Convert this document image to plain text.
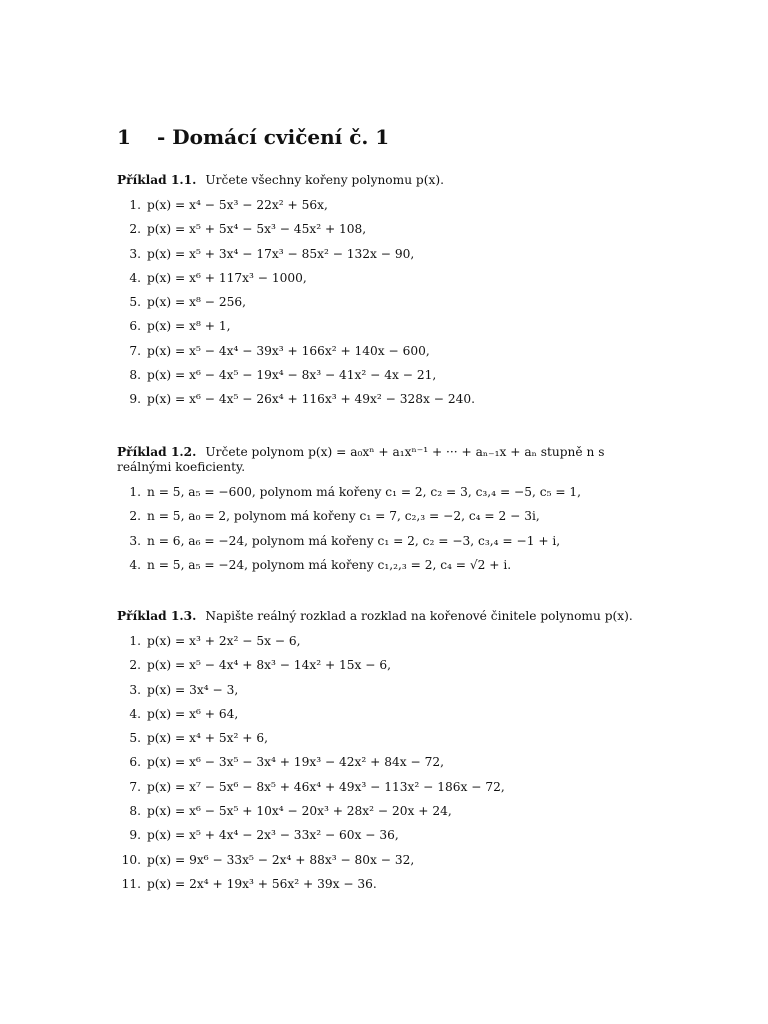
1 - Domácí cvičení č. 1
Příklad 1.1. Určete všechny kořeny polynomu p(x).
1. p(x) = x⁴ − 5x³ − 22x² + 56x,
2. p(x) = x⁵ + 5x⁴ − 5x³ − 45x² + 108,
3. p(x) = x⁵ + 3x⁴ − 17x³ − 85x² − 132x − 90,
4. p(x) = x⁶ + 117x³ − 1000,
5. p(x) = x⁸ − 256,
6. p(x) = x⁸ + 1,
7. p(x) = x⁵ − 4x⁴ − 39x³ + 166x² + 140x − 600,
8. p(x) = x⁶ − 4x⁵ − 19x⁴ − 8x³ − 41x² − 4x − 21,
9. p(x) = x⁶ − 4x⁵ − 26x⁴ + 116x³ + 49x² − 328x − 240.
Příklad 1.2. Určete polynom p(x) = a₀xⁿ + a₁xⁿ⁻¹ + ··· + aₙ₋₁x + aₙ stupně n s reálnými koeficienty.
1. n = 5, a₅ = −600, polynom má kořeny c₁ = 2, c₂ = 3, c₃,₄ = −5, c₅ = 1,
2. n = 5, a₀ = 2, polynom má kořeny c₁ = 7, c₂,₃ = −2, c₄ = 2 − 3i,
3. n = 6, a₆ = −24, polynom má kořeny c₁ = 2, c₂ = −3, c₃,₄ = −1 + i,
4. n = 5, a₅ = −24, polynom má kořeny c₁,₂,₃ = 2, c₄ = √2 + i.
Příklad 1.3. Napište reálný rozklad a rozklad na kořenové činitele polynomu p(x).
1. p(x) = x³ + 2x² − 5x − 6,
2. p(x) = x⁵ − 4x⁴ + 8x³ − 14x² + 15x − 6,
3. p(x) = 3x⁴ − 3,
4. p(x) = x⁶ + 64,
5. p(x) = x⁴ + 5x² + 6,
6. p(x) = x⁶ − 3x⁵ − 3x⁴ + 19x³ − 42x² + 84x − 72,
7. p(x) = x⁷ − 5x⁶ − 8x⁵ + 46x⁴ + 49x³ − 113x² − 186x − 72,
8. p(x) = x⁶ − 5x⁵ + 10x⁴ − 20x³ + 28x² − 20x + 24,
9. p(x) = x⁵ + 4x⁴ − 2x³ − 33x² − 60x − 36,
10. p(x) = 9x⁶ − 33x⁵ − 2x⁴ + 88x³ − 80x − 32,
11. p(x) = 2x⁴ + 19x³ + 56x² + 39x − 36.
